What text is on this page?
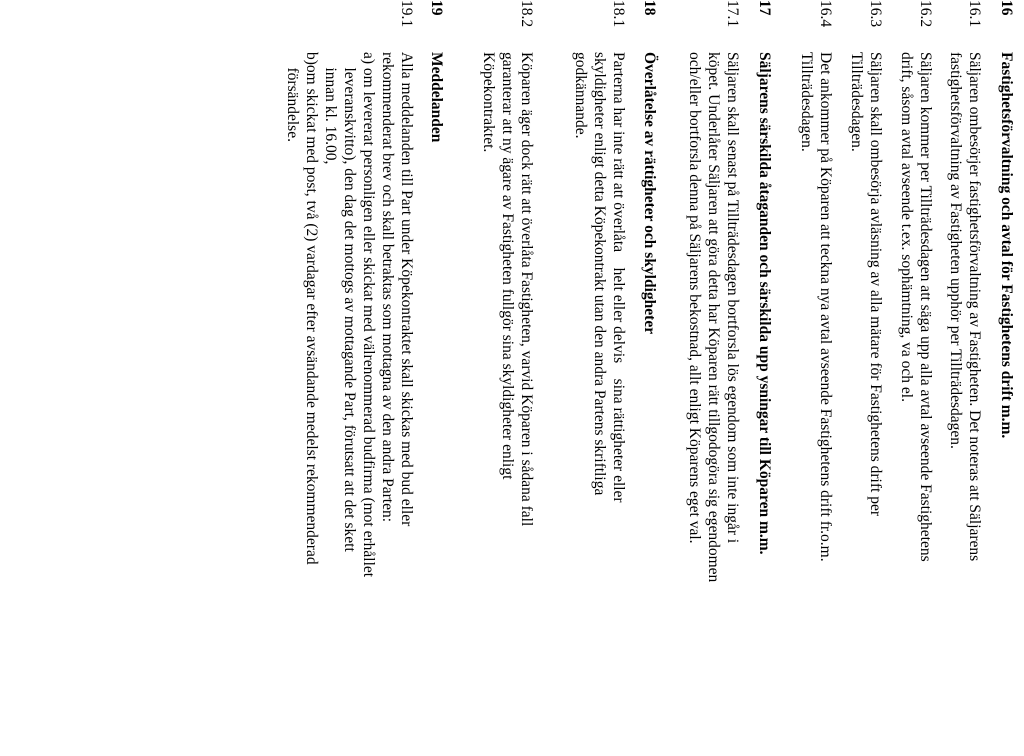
16
Fastighetsförvaltning och avtal för Fastighetens drift m.m.
16.1
Säljaren ombesörjer fastighetsförvaltning av Fastigheten. Det noteras att Säljarens
fastighetsförvaltning av Fastigheten upphör per Tillträdesdagen.
16.2
Säljaren kommer per Tillträdesdagen att säga upp alla avtal avseende Fastighetens
drift, såsom avtal avseende t.ex. sophämtning, va och el.
16.3
Säljaren skall ombesörja avläsning av alla mätare för Fastighetens drift per
Tillträdesdagen.
16.4
Det ankommer på Köparen att teckna nya avtal avseende Fastighetens drift fr.o.m.
Tillträdesdagen.
17
Säljarens särskilda åtaganden och särskilda upp ysningar till Köparen m.m.
17.1
Säljaren skall senast på Tillträdesdagen bortforsla lös egendom som inte ingår i
köpet. Underlåter Säljaren att göra detta har Köparen rätt tillgodogöra sig egendomen
och/eller bortforsla denna på Säljarens bekostnad, allt enligt Köparens eget val.
18
Överlåtelse av rättigheter och skyldigheter
18.1
Parterna har inte rätt att överlåta    helt eller delvis    sina rättigheter eller
skyldigheter enligt detta Köpekontrakt utan den andra Partens skriftliga
godkännande.
18.2
Köparen äger dock rätt att överlåta Fastigheten, varvid Köparen i sådana fall
garanterar att ny ägare av Fastigheten fullgör sina skyldigheter enligt
Köpekontraktet.
19
Meddelanden
19.1
Alla meddelanden till Part under Köpekontraktet skall skickas med bud eller
rekommenderat brev och skall betraktas som mottagna av den andra Parten:
a) om levererat personligen eller skickat med välrenommerad budfirma (mot erhållet
leveranskvitto), den dag det mottogs av mottagande Part, förutsatt att det skett
innan kl. 16.00,
b)om skickat med post, två (2) vardagar efter avsändande medelst rekommenderad
försändelse.
